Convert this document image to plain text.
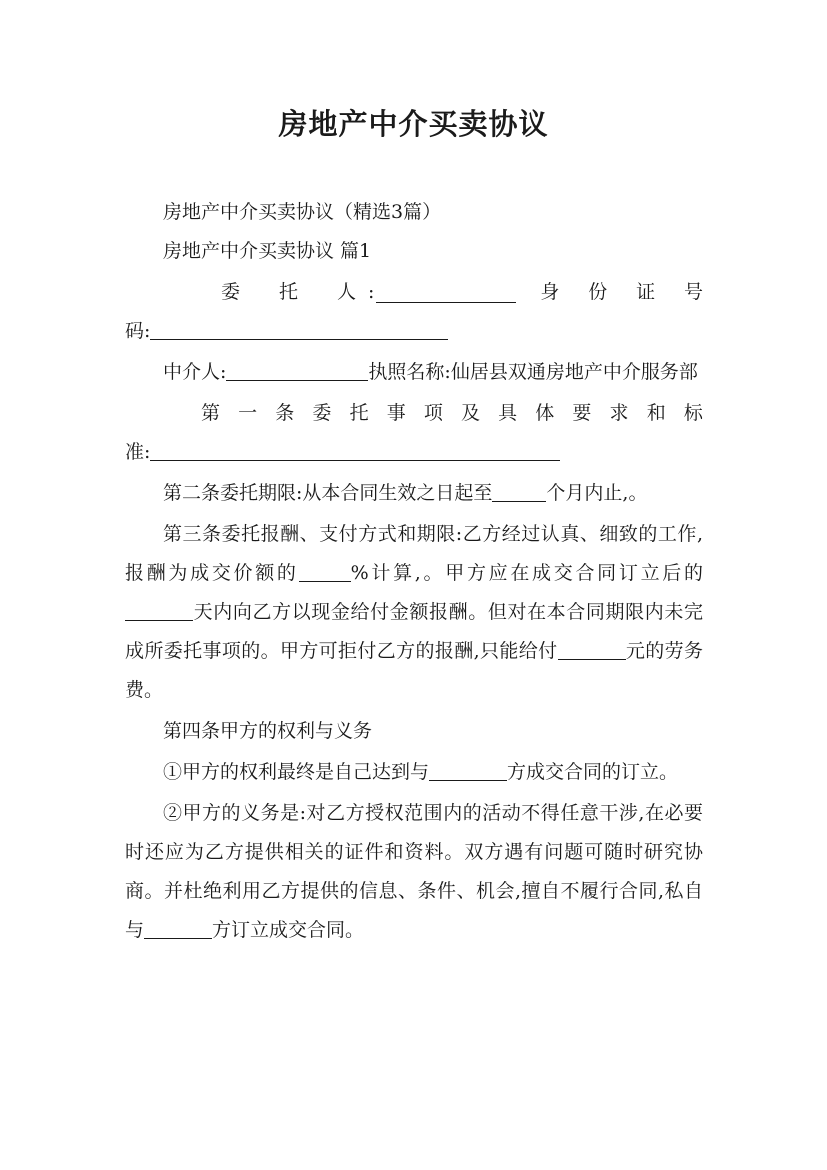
房地产中介买卖协议

房地产中介买卖协议（精选3篇）

房地产中介买卖协议 篇1

委 托 人 :	身 份 证 号

码:

中介人:	执照名称:仙居县双通房地产中介服务部

第 一 条 委 托 事 项 及 具 体 要 求 和 标

准:

第二条委托期限:从本合同生效之日起至	个月内止,。

第三条委托报酬、支付方式和期限:乙方经过认真、细致的工作,报酬为成交价额的	%计算,。甲方应在成交合同订立后的天内向乙方以现金给付金额报酬。但对在本合同期限内未完成所委托事项的。甲方可拒付乙方的报酬,只能给付	元的劳务费。

第四条甲方的权利与义务

①甲方的权利最终是自己达到与	方成交合同的订立。

②甲方的义务是:对乙方授权范围内的活动不得任意干涉,在必要时还应为乙方提供相关的证件和资料。双方遇有问题可随时研究协商。并杜绝利用乙方提供的信息、条件、机会,擅自不履行合同,私自与	方订立成交合同。
